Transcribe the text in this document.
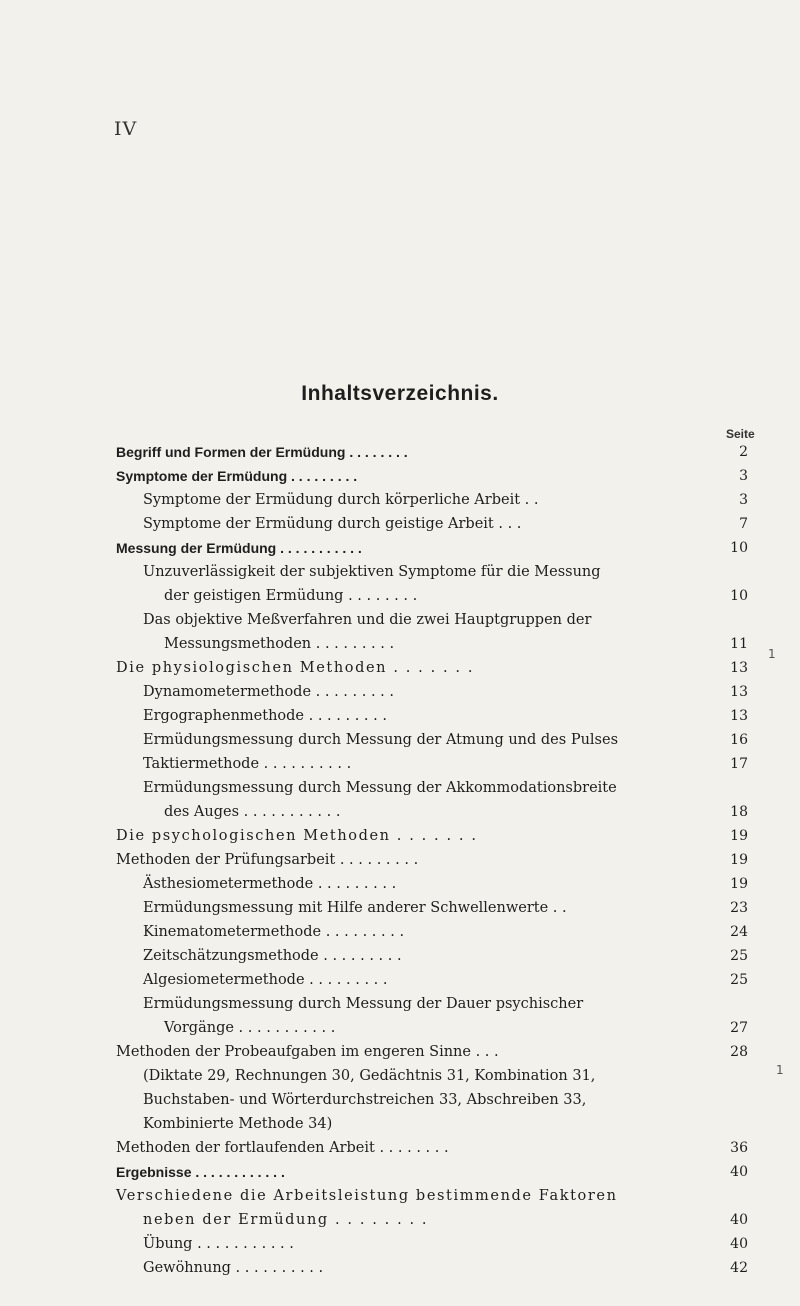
IV
Inhaltsverzeichnis.
Seite
Begriff und Formen der Ermüdung . . . . . . . .	2
Symptome der Ermüdung . . . . . . . . .	3
Symptome der Ermüdung durch körperliche Arbeit . .	3
Symptome der Ermüdung durch geistige Arbeit . . .	7
Messung der Ermüdung . . . . . . . . . . .	10
Unzuverlässigkeit der subjektiven Symptome für die Messung
der geistigen Ermüdung . . . . . . . .	10
Das objektive Meßverfahren und die zwei Hauptgruppen der
Messungsmethoden . . . . . . . . .	11
Die physiologischen Methoden . . . . . . .	13
Dynamometermethode . . . . . . . . .	13
Ergographenmethode . . . . . . . . .	13
Ermüdungsmessung durch Messung der Atmung und des Pulses	16
Taktiermethode . . . . . . . . . .	17
Ermüdungsmessung durch Messung der Akkommodationsbreite
des Auges . . . . . . . . . . .	18
Die psychologischen Methoden . . . . . . .	19
Methoden der Prüfungsarbeit . . . . . . . . .	19
Ästhesiometermethode . . . . . . . . .	19
Ermüdungsmessung mit Hilfe anderer Schwellenwerte . .	23
Kinematometermethode . . . . . . . . .	24
Zeitschätzungsmethode . . . . . . . . .	25
Algesiometermethode . . . . . . . . .	25
Ermüdungsmessung durch Messung der Dauer psychischer
Vorgänge . . . . . . . . . . .	27
Methoden der Probeaufgaben im engeren Sinne . . .	28
(Diktate 29, Rechnungen 30, Gedächtnis 31, Kombination 31,
Buchstaben- und Wörterdurchstreichen 33, Abschreiben 33,
Kombinierte Methode 34)
Methoden der fortlaufenden Arbeit . . . . . . . .	36
Ergebnisse . . . . . . . . . . . .	40
Verschiedene die Arbeitsleistung bestimmende Faktoren
neben der Ermüdung . . . . . . . .	40
Übung . . . . . . . . . . .	40
Gewöhnung . . . . . . . . . .	42
1
1
